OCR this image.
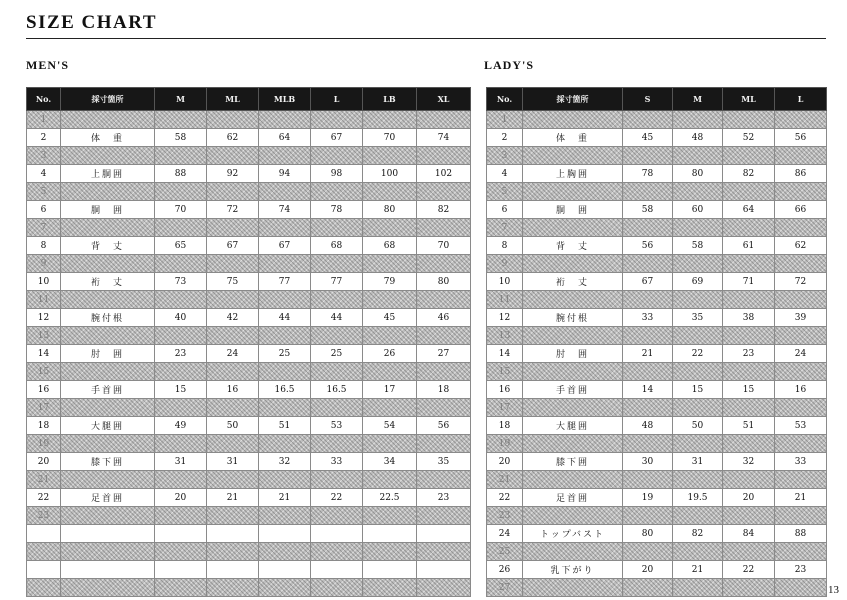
SIZE CHART
MEN'S	LADY'S
No.	採寸箇所	M	ML	MLB	L	LB	XL
1							
2	体　重	58	62	64	67	70	74
3							
4	上胴囲	88	92	94	98	100	102
5							
6	胴　囲	70	72	74	78	80	82
7							
8	背　丈	65	67	67	68	68	70
9							
10	裄　丈	73	75	77	77	79	80
11							
12	腕付根	40	42	44	44	45	46
13							
14	肘　囲	23	24	25	25	26	27
15							
16	手首囲	15	16	16.5	16.5	17	18
17							
18	大腿囲	49	50	51	53	54	56
19							
20	膝下囲	31	31	32	33	34	35
21							
22	足首囲	20	21	21	22	22.5	23
23							

No.	採寸箇所	S	M	ML	L
1					
2	体　重	45	48	52	56
3					
4	上胸囲	78	80	82	86
5					
6	胴　囲	58	60	64	66
7					
8	背　丈	56	58	61	62
9					
10	裄　丈	67	69	71	72
11					
12	腕付根	33	35	38	39
13					
14	肘　囲	21	22	23	24
15					
16	手首囲	14	15	15	16
17					
18	大腿囲	48	50	51	53
19					
20	膝下囲	30	31	32	33
21					
22	足首囲	19	19.5	20	21
23					
24	トップバスト	80	82	84	88
25					
26	乳下がり	20	21	22	23
27						13
